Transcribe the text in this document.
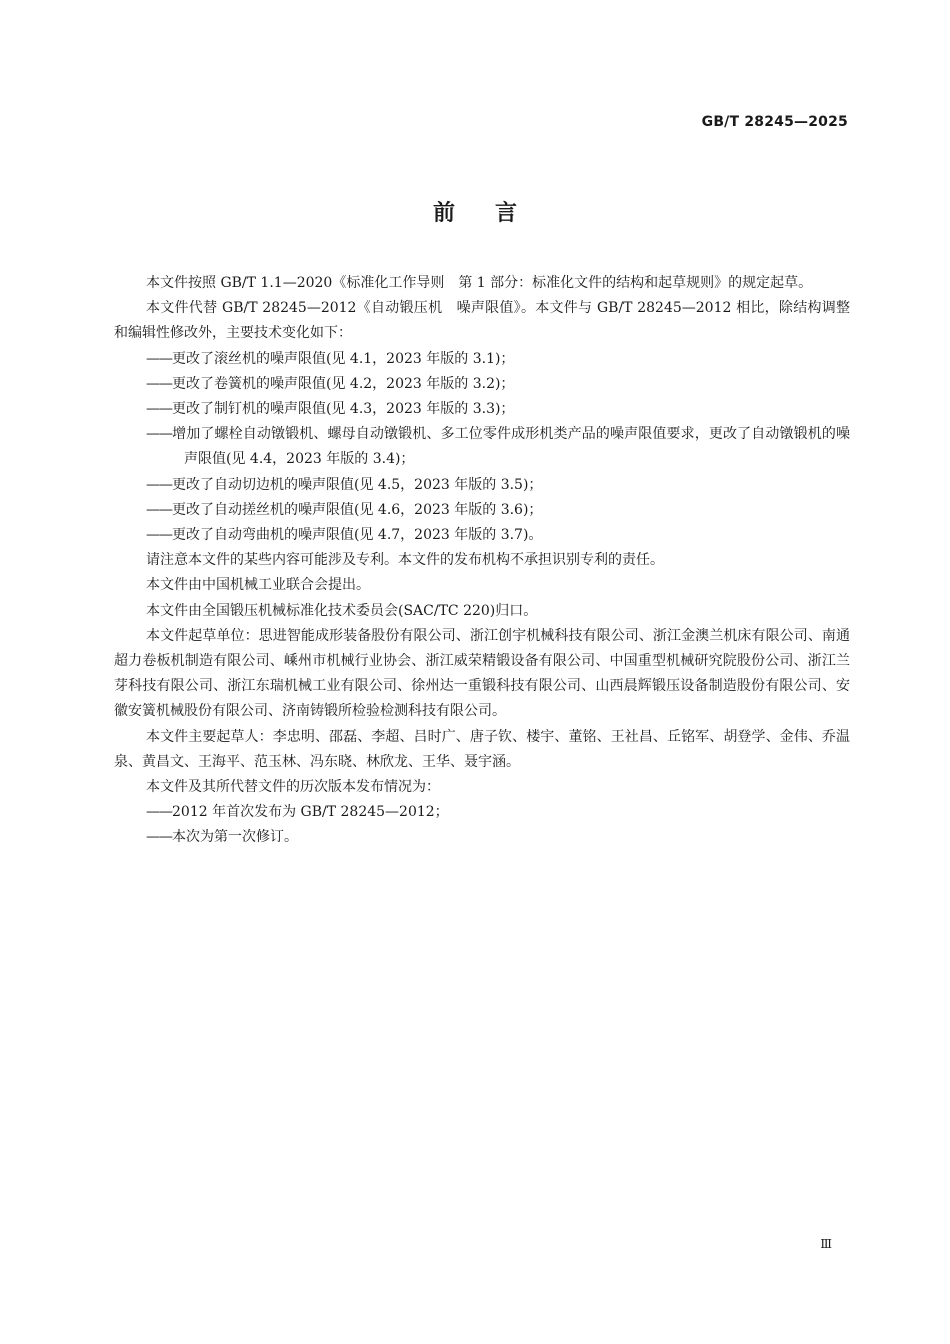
GB/T 28245—2025
前言

本文件按照 GB/T 1.1—2020《标准化工作导则　第 1 部分：标准化文件的结构和起草规则》的规定起草。

本文件代替 GB/T 28245—2012《自动锻压机　噪声限值》。本文件与 GB/T 28245—2012 相比，除结构调整和编辑性修改外，主要技术变化如下：

——更改了滚丝机的噪声限值(见 4.1，2023 年版的 3.1)；

——更改了卷簧机的噪声限值(见 4.2，2023 年版的 3.2)；

——更改了制钉机的噪声限值(见 4.3，2023 年版的 3.3)；

——增加了螺栓自动镦锻机、螺母自动镦锻机、多工位零件成形机类产品的噪声限值要求，更改了自动镦锻机的噪声限值(见 4.4，2023 年版的 3.4)；

——更改了自动切边机的噪声限值(见 4.5，2023 年版的 3.5)；

——更改了自动搓丝机的噪声限值(见 4.6，2023 年版的 3.6)；

——更改了自动弯曲机的噪声限值(见 4.7，2023 年版的 3.7)。

请注意本文件的某些内容可能涉及专利。本文件的发布机构不承担识别专利的责任。

本文件由中国机械工业联合会提出。

本文件由全国锻压机械标准化技术委员会(SAC/TC 220)归口。

本文件起草单位：思进智能成形装备股份有限公司、浙江创宇机械科技有限公司、浙江金澳兰机床有限公司、南通超力卷板机制造有限公司、嵊州市机械行业协会、浙江威荣精锻设备有限公司、中国重型机械研究院股份公司、浙江兰芽科技有限公司、浙江东瑞机械工业有限公司、徐州达一重锻科技有限公司、山西晨辉锻压设备制造股份有限公司、安徽安簧机械股份有限公司、济南铸锻所检验检测科技有限公司。

本文件主要起草人：李忠明、邵磊、李超、吕时广、唐子钦、楼宇、董铭、王社昌、丘铭军、胡登学、金伟、乔温泉、黄昌文、王海平、范玉林、冯东晓、林欣龙、王华、聂宇涵。

本文件及其所代替文件的历次版本发布情况为：

——2012 年首次发布为 GB/T 28245—2012；

——本次为第一次修订。

Ⅲ
